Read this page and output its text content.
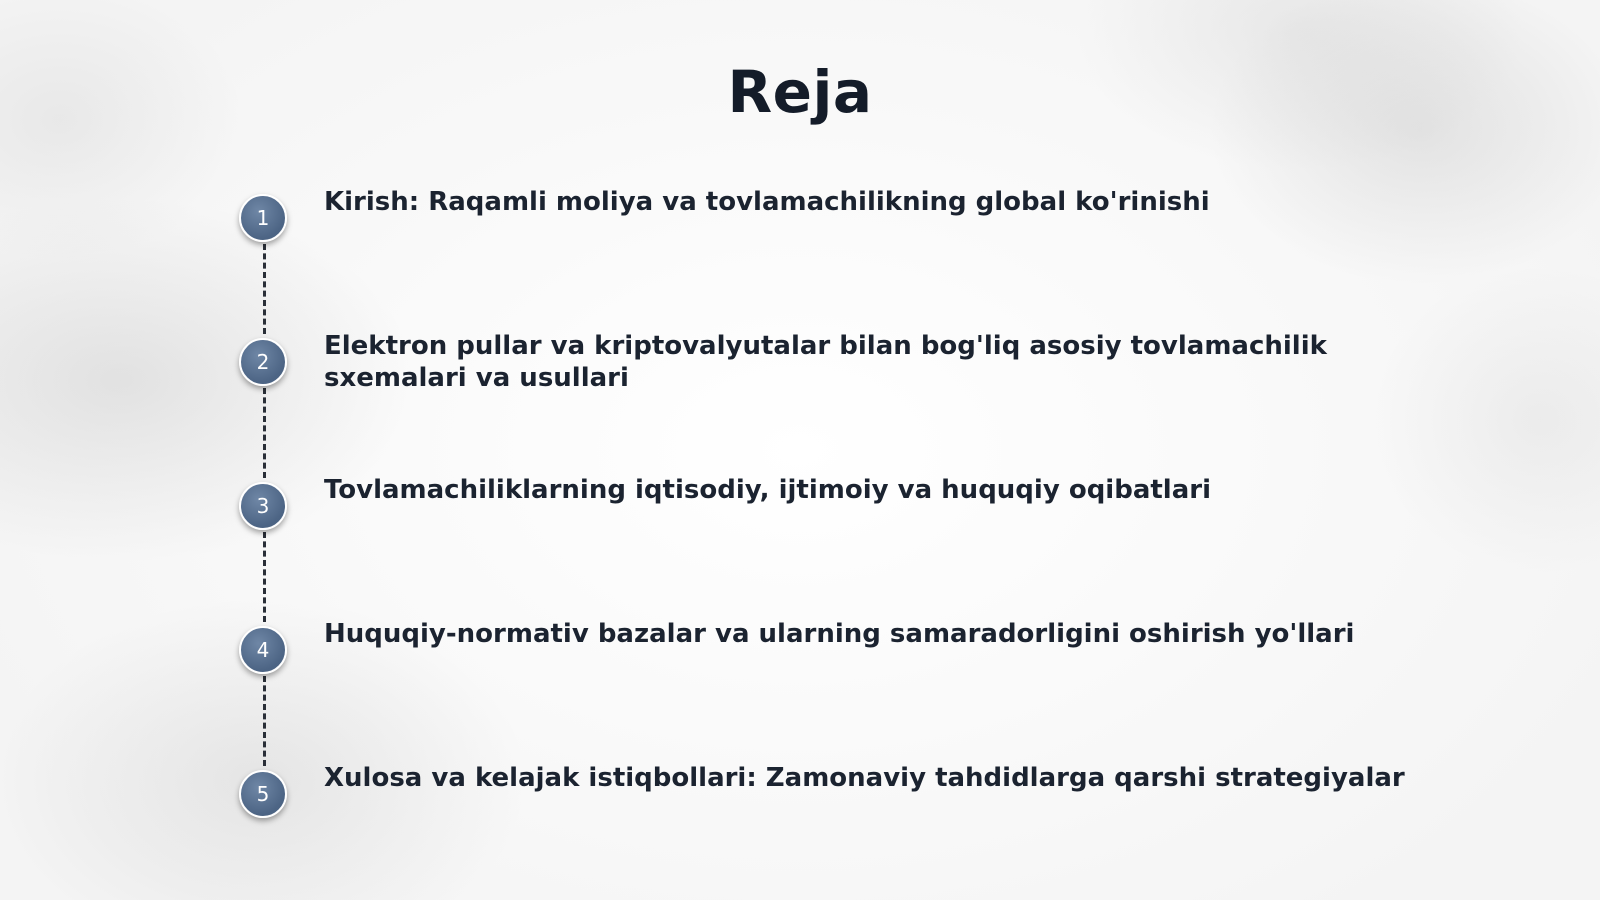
Reja
1
Kirish: Raqamli moliya va tovlamachilikning global ko'rinishi
2
Elektron pullar va kriptovalyutalar bilan bog'liq asosiy tovlamachilik sxemalari va usullari
3
Tovlamachiliklarning iqtisodiy, ijtimoiy va huquqiy oqibatlari
4
Huquqiy-normativ bazalar va ularning samaradorligini oshirish yo'llari
5
Xulosa va kelajak istiqbollari: Zamonaviy tahdidlarga qarshi strategiyalar
